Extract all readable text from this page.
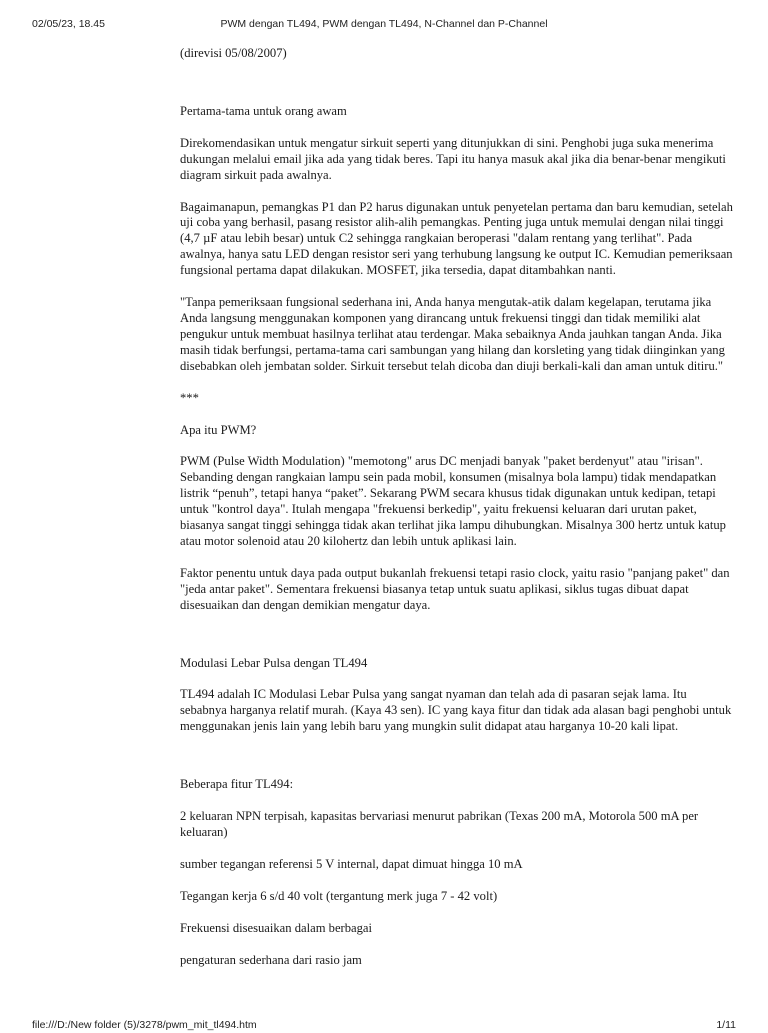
02/05/23, 18.45	PWM dengan TL494, PWM dengan TL494, N-Channel dan P-Channel

(direvisi 05/08/2007)

Pertama-tama untuk orang awam

Direkomendasikan untuk mengatur sirkuit seperti yang ditunjukkan di sini. Penghobi juga suka menerima dukungan melalui email jika ada yang tidak beres. Tapi itu hanya masuk akal jika dia benar-benar mengikuti diagram sirkuit pada awalnya.

Bagaimanapun, pemangkas P1 dan P2 harus digunakan untuk penyetelan pertama dan baru kemudian, setelah uji coba yang berhasil, pasang resistor alih-alih pemangkas. Penting juga untuk memulai dengan nilai tinggi (4,7 µF atau lebih besar) untuk C2 sehingga rangkaian beroperasi "dalam rentang yang terlihat". Pada awalnya, hanya satu LED dengan resistor seri yang terhubung langsung ke output IC. Kemudian pemeriksaan fungsional pertama dapat dilakukan. MOSFET, jika tersedia, dapat ditambahkan nanti.

"Tanpa pemeriksaan fungsional sederhana ini, Anda hanya mengutak-atik dalam kegelapan, terutama jika Anda langsung menggunakan komponen yang dirancang untuk frekuensi tinggi dan tidak memiliki alat pengukur untuk membuat hasilnya terlihat atau terdengar. Maka sebaiknya Anda jauhkan tangan Anda. Jika masih tidak berfungsi, pertama-tama cari sambungan yang hilang dan korsleting yang tidak diinginkan yang disebabkan oleh jembatan solder. Sirkuit tersebut telah dicoba dan diuji berkali-kali dan aman untuk ditiru."

***

Apa itu PWM?

PWM (Pulse Width Modulation) "memotong" arus DC menjadi banyak "paket berdenyut" atau "irisan". Sebanding dengan rangkaian lampu sein pada mobil, konsumen (misalnya bola lampu) tidak mendapatkan listrik “penuh”, tetapi hanya “paket”. Sekarang PWM secara khusus tidak digunakan untuk kedipan, tetapi untuk "kontrol daya". Itulah mengapa "frekuensi berkedip", yaitu frekuensi keluaran dari urutan paket, biasanya sangat tinggi sehingga tidak akan terlihat jika lampu dihubungkan. Misalnya 300 hertz untuk katup atau motor solenoid atau 20 kilohertz dan lebih untuk aplikasi lain.

Faktor penentu untuk daya pada output bukanlah frekuensi tetapi rasio clock, yaitu rasio "panjang paket" dan "jeda antar paket". Sementara frekuensi biasanya tetap untuk suatu aplikasi, siklus tugas dibuat dapat disesuaikan dan dengan demikian mengatur daya.

Modulasi Lebar Pulsa dengan TL494

TL494 adalah IC Modulasi Lebar Pulsa yang sangat nyaman dan telah ada di pasaran sejak lama. Itu sebabnya harganya relatif murah. (Kaya 43 sen). IC yang kaya fitur dan tidak ada alasan bagi penghobi untuk menggunakan jenis lain yang lebih baru yang mungkin sulit didapat atau harganya 10-20 kali lipat.

Beberapa fitur TL494:

2 keluaran NPN terpisah, kapasitas bervariasi menurut pabrikan (Texas 200 mA, Motorola 500 mA per keluaran)

sumber tegangan referensi 5 V internal, dapat dimuat hingga 10 mA

Tegangan kerja 6 s/d 40 volt (tergantung merk juga 7 - 42 volt)

Frekuensi disesuaikan dalam berbagai

pengaturan sederhana dari rasio jam

file:///D:/New folder (5)/3278/pwm_mit_tl494.htm	1/11
